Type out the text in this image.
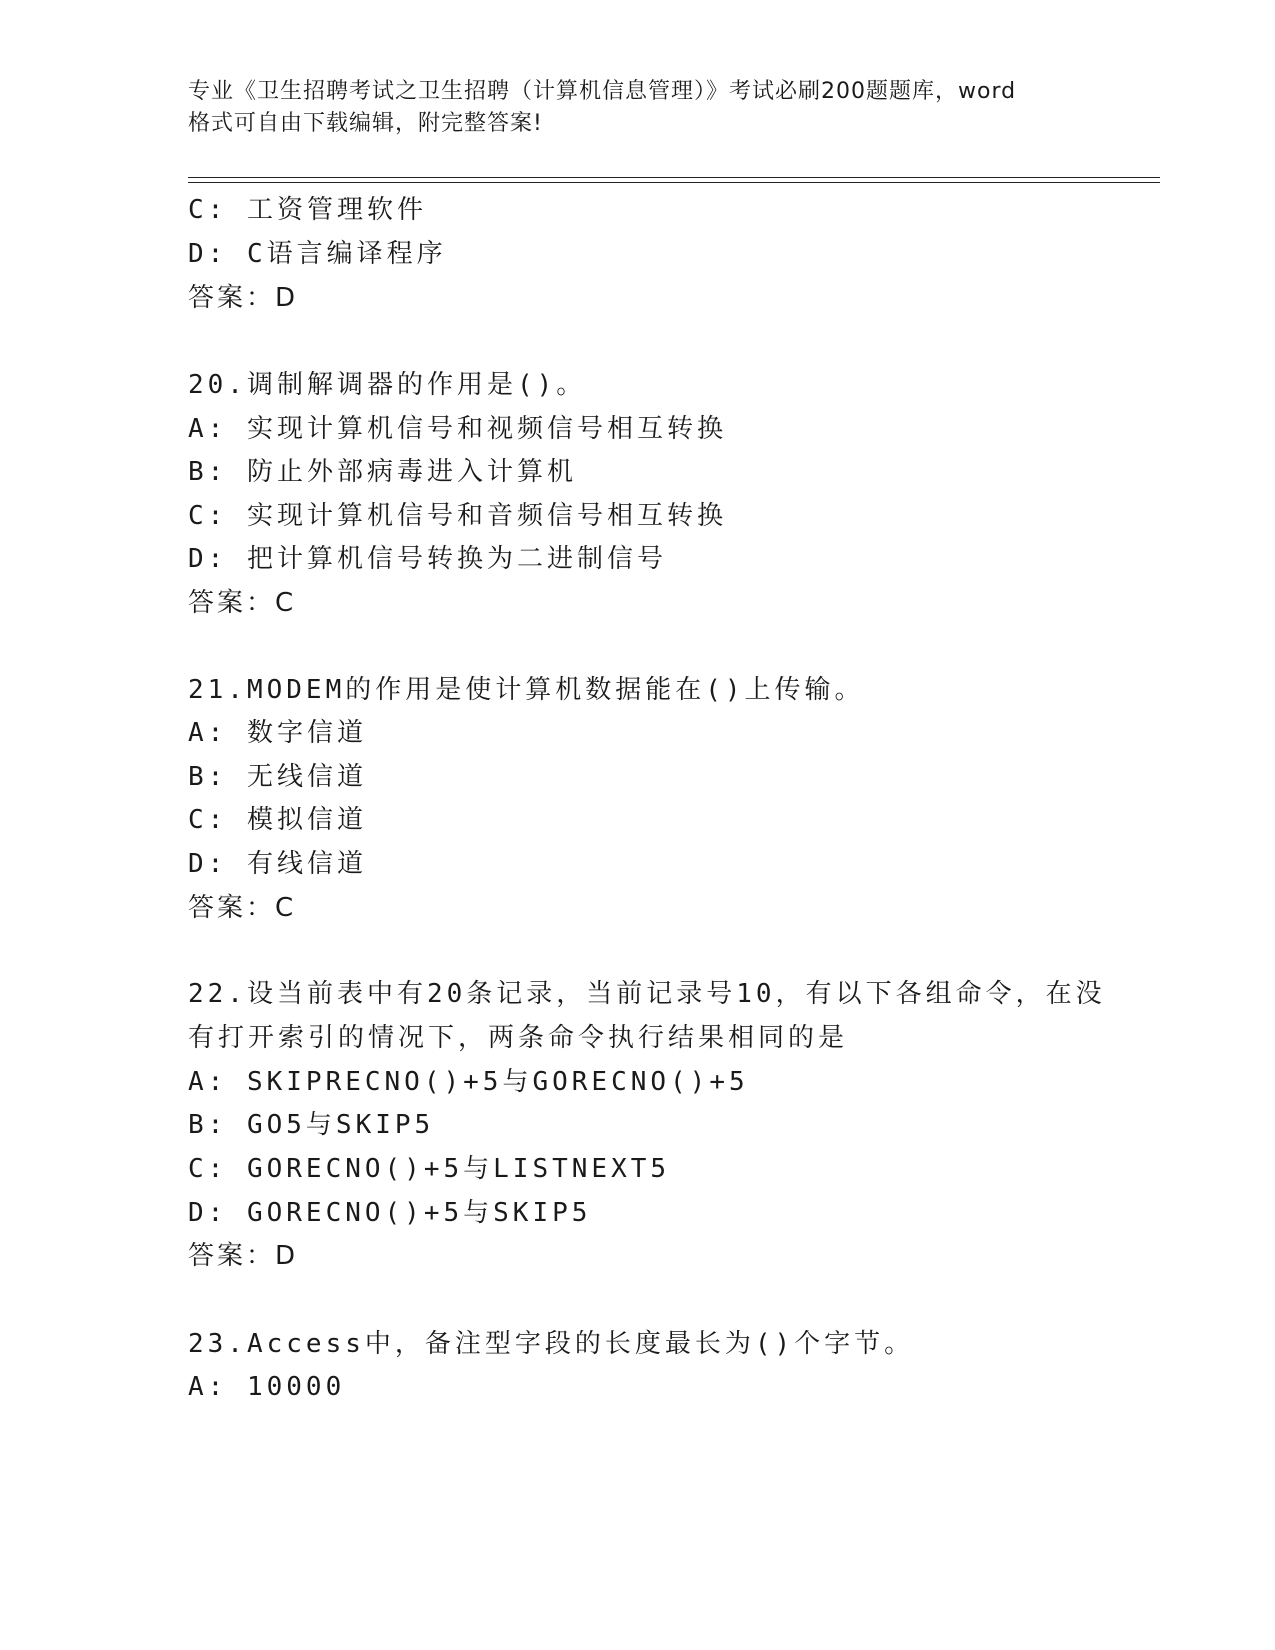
专业《卫生招聘考试之卫生招聘（计算机信息管理）》考试必刷200题题库，word
格式可自由下载编辑，附完整答案!
C: 工资管理软件
D: C语言编译程序
答案：D
20.调制解调器的作用是()。
A: 实现计算机信号和视频信号相互转换
B: 防止外部病毒进入计算机
C: 实现计算机信号和音频信号相互转换
D: 把计算机信号转换为二进制信号
答案：C
21.MODEM的作用是使计算机数据能在()上传输。
A: 数字信道
B: 无线信道
C: 模拟信道
D: 有线信道
答案：C
22.设当前表中有20条记录，当前记录号10，有以下各组命令，在没
有打开索引的情况下，两条命令执行结果相同的是
A: SKIPRECNO()+5与GORECNO()+5
B: GO5与SKIP5
C: GORECNO()+5与LISTNEXT5
D: GORECNO()+5与SKIP5
答案：D
23.Access中，备注型字段的长度最长为()个字节。
A: 10000
